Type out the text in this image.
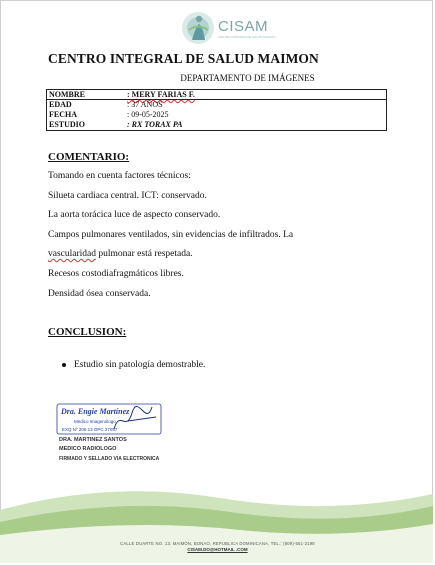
CISAM
CENTRO INTEGRAL DE SALUD MAIMON
CENTRO INTEGRAL DE SALUD MAIMON
DEPARTAMENTO DE IMÁGENES
NOMBRE	: MERY FARIAS F.
EDAD	: 37 AÑOS
FECHA	: 09-05-2025
ESTUDIO	: RX TORAX PA
COMENTARIO:
Tomando en cuenta factores técnicos:
Silueta cardiaca central. ICT: conservado.
La aorta torácica luce de aspecto conservado.
Campos pulmonares ventilados, sin evidencias de infiltrados. La
vascularidad pulmonar está respetada.
Recesos costodiafragmáticos libres.
Densidad ósea conservada.
CONCLUSION:
Estudio sin patología demostrable.
Dra. Engie Martínez
Medico Imagenólogo
EXQ Nº 206 13 OPC 27057
DRA. MARTINEZ SANTOS
MEDICO RADIOLOGO
FIRMADO Y SELLADO VIA ELECTRONICA
CALLE DUARTE NO. 13, MAIMÓN, BONAO, REPUBLICA DOMINICANA, TEL.: (809)-551-2198
CISAM.DO@HOTMAIL .COM
